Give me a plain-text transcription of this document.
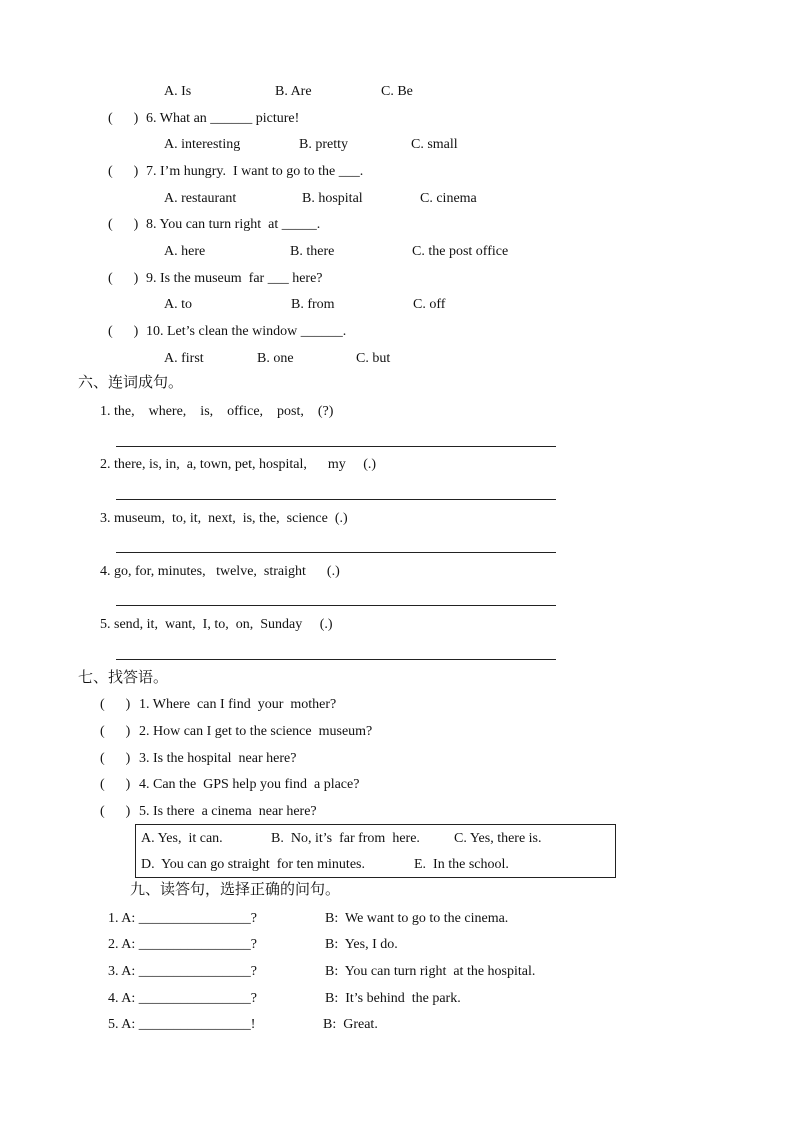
A. Is	B. Are	C. Be
(      ) 6. What an ______ picture!
A. interesting	B. pretty	C. small
(      ) 7. I’m hungry.  I want to go to the ___.
A. restaurant	B. hospital	C. cinema
(      ) 8. You can turn right  at _____.
A. here	B. there	C. the post office
(      ) 9. Is the museum  far ___ here?
A. to	B. from	C. off
(      ) 10. Let’s clean the window ______.
A. first	B. one	C. but
六、连词成句。
1. the,    where,    is,    office,    post,    (?)
2. there, is, in,  a, town, pet, hospital,      my     (.)
3. museum,  to, it,  next,  is, the,  science  (.)
4. go, for, minutes,   twelve,  straight      (.)
5. send, it,  want,  I, to,  on,  Sunday     (.)
七、找答语。
(      ) 1. Where  can I find  your  mother?
(      ) 2. How can I get to the science  museum?
(      ) 3. Is the hospital  near here?
(      ) 4. Can the  GPS help you find  a place?
(      ) 5. Is there  a cinema  near here?
A. Yes,  it can.	B.  No, it’s  far from  here. C. Yes, there is.
D.  You can go straight  for ten minutes.	E.  In the school.
九、读答句，选择正确的问句。
1. A: ________________?	B:  We want to go to the cinema.
2. A: ________________?	B:  Yes, I do.
3. A: ________________?	B:  You can turn right  at the hospital.
4. A: ________________?	B:  It’s behind  the park.
5. A: ________________!	B:  Great.
